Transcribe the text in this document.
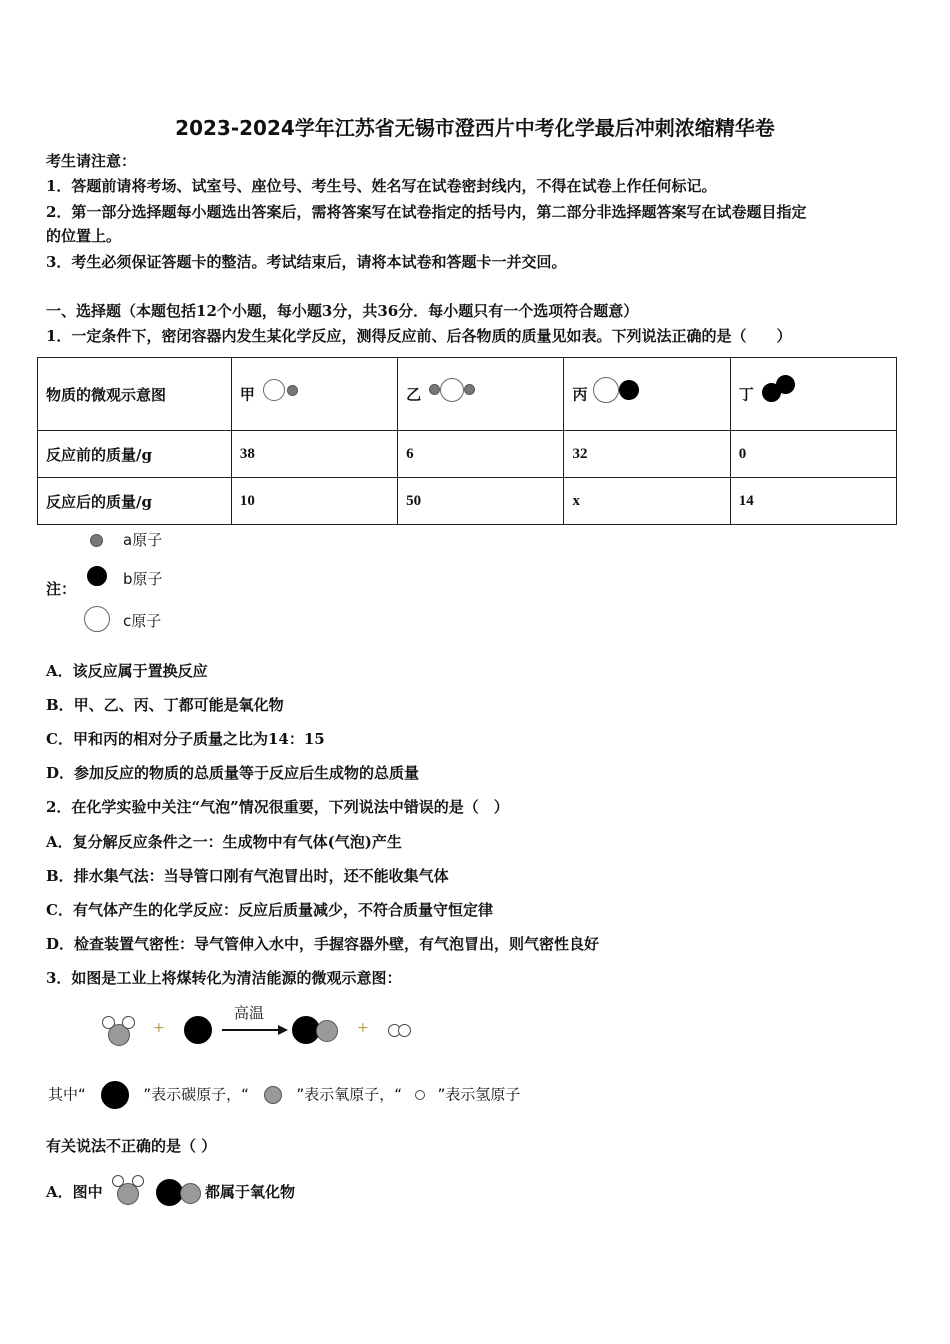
2023-2024学年江苏省无锡市澄西片中考化学最后冲刺浓缩精华卷
考生请注意：
1．答题前请将考场、试室号、座位号、考生号、姓名写在试卷密封线内，不得在试卷上作任何标记。
2．第一部分选择题每小题选出答案后，需将答案写在试卷指定的括号内，第二部分非选择题答案写在试卷题目指定
的位置上。
3．考生必须保证答题卡的整洁。考试结束后，请将本试卷和答题卡一并交回。
一、选择题（本题包括12个小题，每小题3分，共36分．每小题只有一个选项符合题意）
1．一定条件下，密闭容器内发生某化学反应，测得反应前、后各物质的质量见如表。下列说法正确的是（　　）
物质的微观示意图	甲	乙	丙	丁

反应前的质量/g	38	6	32	0
反应后的质量/g	10	50	x	14
注：
a原子
b原子
c原子
A．该反应属于置换反应
B．甲、乙、丙、丁都可能是氧化物
C．甲和丙的相对分子质量之比为14：15
D．参加反应的物质的总质量等于反应后生成物的总质量
2．在化学实验中关注“气泡”情况很重要，下列说法中错误的是（　）
A．复分解反应条件之一：生成物中有气体(气泡)产生
B．排水集气法：当导管口刚有气泡冒出时，还不能收集气体
C．有气体产生的化学反应：反应后质量减少，不符合质量守恒定律
D．检查装置气密性：导气管伸入水中，手握容器外壁，有气泡冒出，则气密性良好
3．如图是工业上将煤转化为清洁能源的微观示意图：
+
高温
+
其中“	”表示碳原子，“	”表示氧原子，“ ”表示氢原子
有关说法不正确的是（ ）
A．图中	都属于氧化物
